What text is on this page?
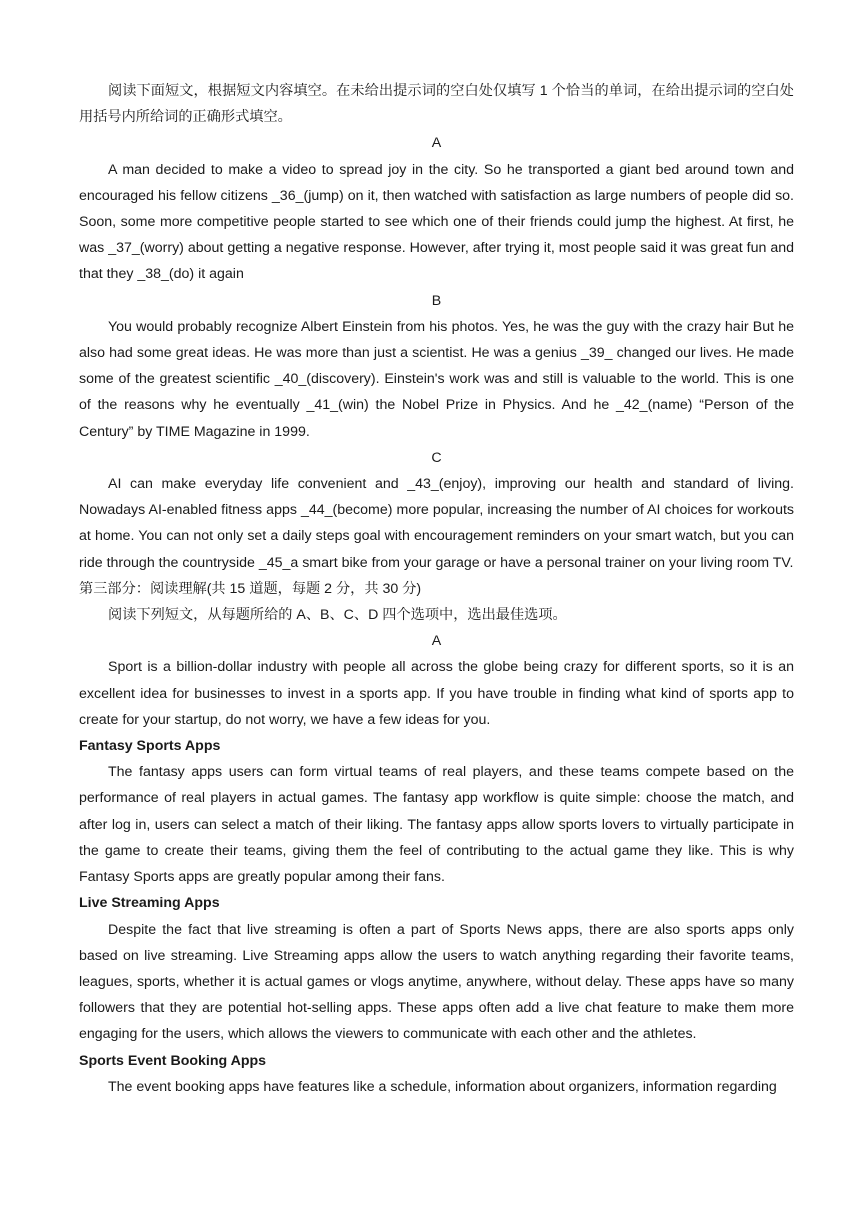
阅读下面短文，根据短文内容填空。在未给出提示词的空白处仅填写 1 个恰当的单词，在给出提示词的空白处用括号内所给词的正确形式填空。

A

A man decided to make a video to spread joy in the city. So he transported a giant bed around town and encouraged his fellow citizens _36_(jump) on it, then watched with satisfaction as large numbers of people did so. Soon, some more competitive people started to see which one of their friends could jump the highest. At first, he was _37_(worry) about getting a negative response. However, after trying it, most people said it was great fun and that they _38_(do) it again

B

You would probably recognize Albert Einstein from his photos. Yes, he was the guy with the crazy hair But he also had some great ideas. He was more than just a scientist. He was a genius _39_ changed our lives. He made some of the greatest scientific _40_(discovery). Einstein's work was and still is valuable to the world. This is one of the reasons why he eventually _41_(win) the Nobel Prize in Physics. And he _42_(name) “Person of the Century” by TIME Magazine in 1999.

C

AI can make everyday life convenient and _43_(enjoy), improving our health and standard of living. Nowadays AI-enabled fitness apps _44_(become) more popular, increasing the number of AI choices for workouts at home. You can not only set a daily steps goal with encouragement reminders on your smart watch, but you can ride through the countryside _45_a smart bike from your garage or have a personal trainer on your living room TV.

第三部分：阅读理解(共 15 道题，每题 2 分，共 30 分)

阅读下列短文，从每题所给的 A、B、C、D 四个选项中，选出最佳选项。

A

Sport is a billion-dollar industry with people all across the globe being crazy for different sports, so it is an excellent idea for businesses to invest in a sports app. If you have trouble in finding what kind of sports app to create for your startup, do not worry, we have a few ideas for you.

Fantasy Sports Apps

The fantasy apps users can form virtual teams of real players, and these teams compete based on the performance of real players in actual games. The fantasy app workflow is quite simple: choose the match, and after log in, users can select a match of their liking. The fantasy apps allow sports lovers to virtually participate in the game to create their teams, giving them the feel of contributing to the actual game they like. This is why Fantasy Sports apps are greatly popular among their fans.

Live Streaming Apps

Despite the fact that live streaming is often a part of Sports News apps, there are also sports apps only based on live streaming. Live Streaming apps allow the users to watch anything regarding their favorite teams, leagues, sports, whether it is actual games or vlogs anytime, anywhere, without delay. These apps have so many followers that they are potential hot-selling apps. These apps often add a live chat feature to make them more engaging for the users, which allows the viewers to communicate with each other and the athletes.

Sports Event Booking Apps

The event booking apps have features like a schedule, information about organizers, information regarding
